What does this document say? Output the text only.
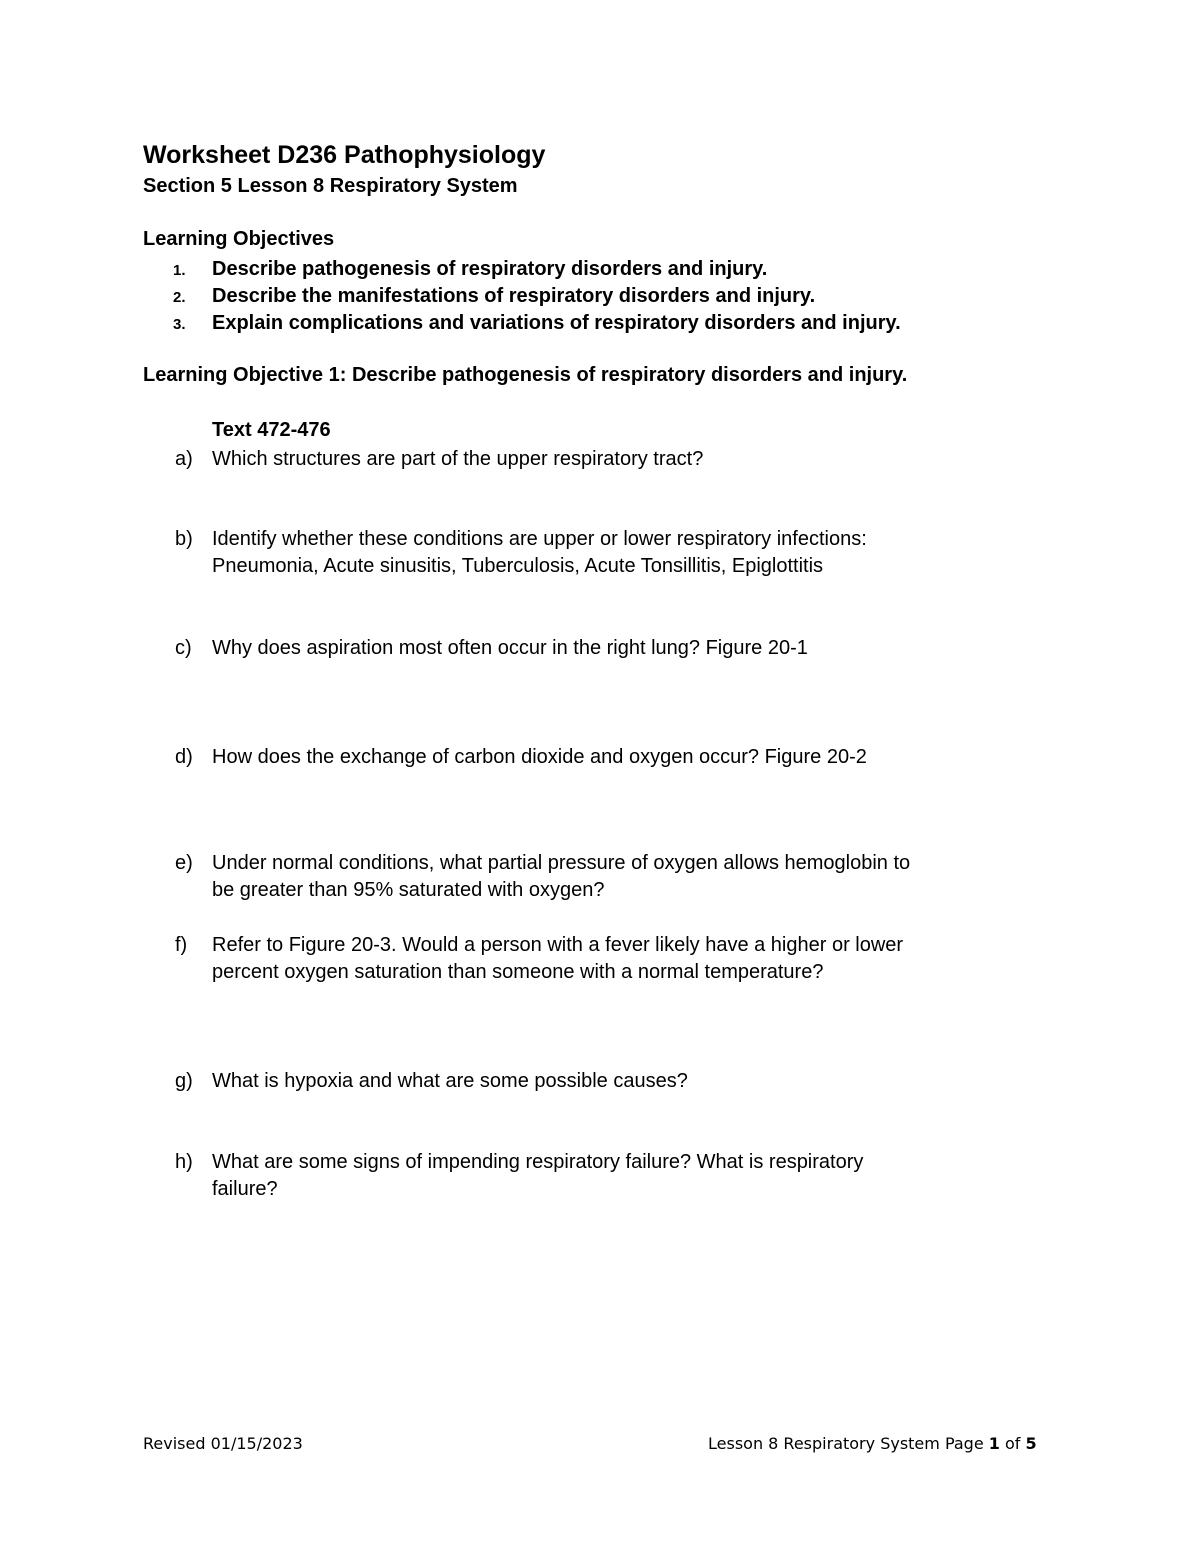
Worksheet D236 Pathophysiology
Section 5 Lesson 8 Respiratory System
Learning Objectives
1. Describe pathogenesis of respiratory disorders and injury.
2. Describe the manifestations of respiratory disorders and injury.
3. Explain complications and variations of respiratory disorders and injury.
Learning Objective 1: Describe pathogenesis of respiratory disorders and injury.
Text 472-476
a) Which structures are part of the upper respiratory tract?
b) Identify whether these conditions are upper or lower respiratory infections:
Pneumonia, Acute sinusitis, Tuberculosis, Acute Tonsillitis, Epiglottitis
c) Why does aspiration most often occur in the right lung? Figure 20-1
d) How does the exchange of carbon dioxide and oxygen occur? Figure 20-2
e) Under normal conditions, what partial pressure of oxygen allows hemoglobin to
be greater than 95% saturated with oxygen?
f) Refer to Figure 20-3. Would a person with a fever likely have a higher or lower
percent oxygen saturation than someone with a normal temperature?
g) What is hypoxia and what are some possible causes?
h) What are some signs of impending respiratory failure? What is respiratory
failure?
Revised 01/15/2023	Lesson 8 Respiratory System Page 1 of 5
